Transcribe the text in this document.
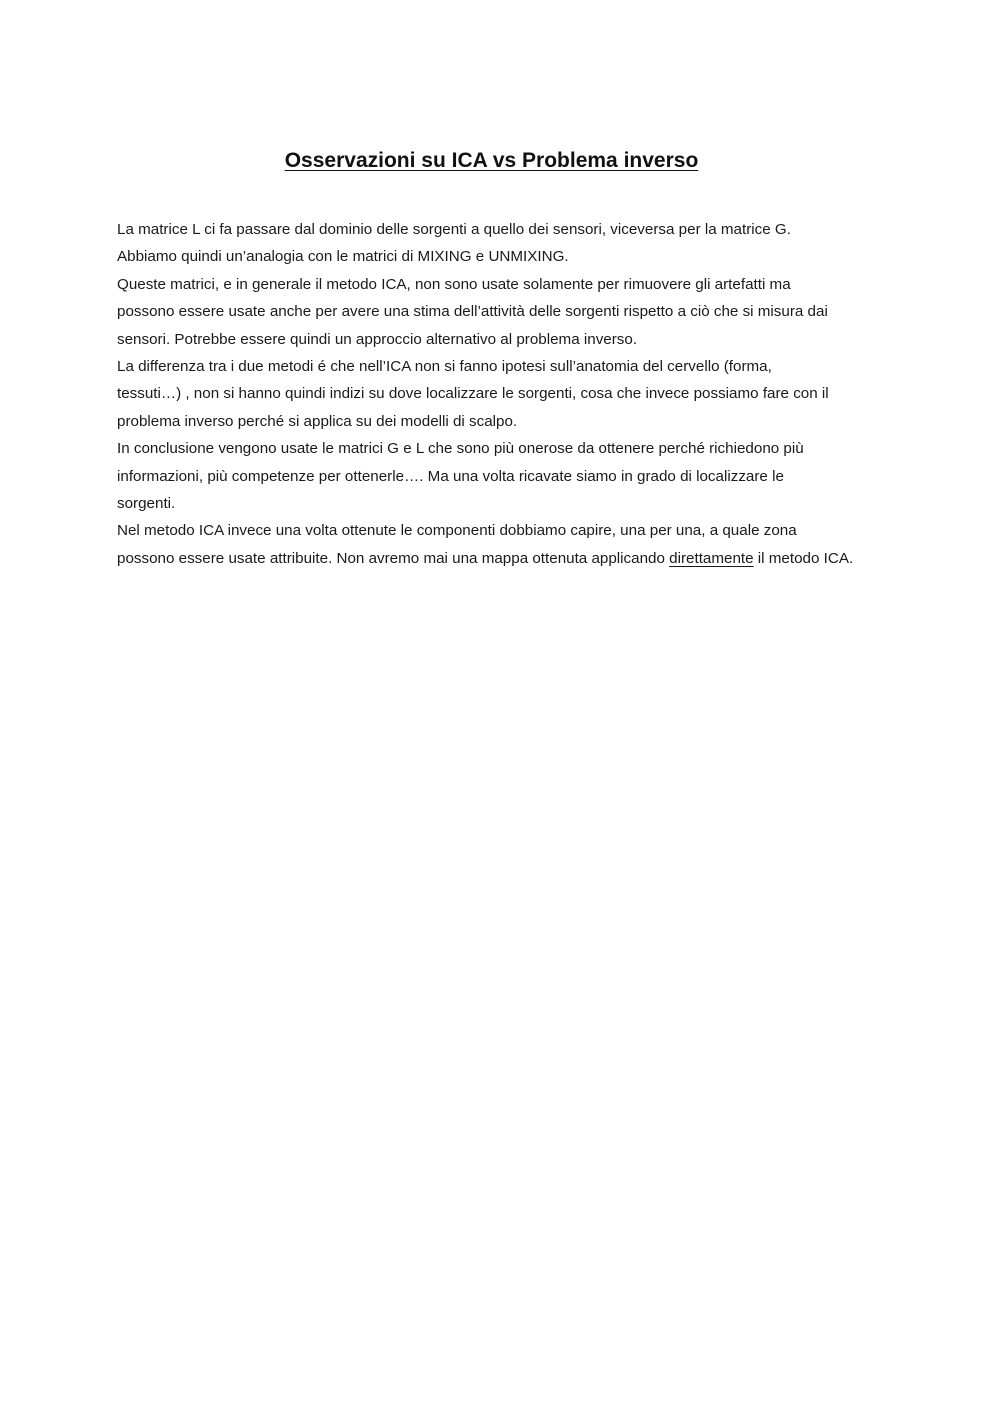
Osservazioni su ICA vs Problema inverso
La matrice L ci fa passare dal dominio delle sorgenti a quello dei sensori, viceversa per la matrice G.
Abbiamo quindi un’analogia con le matrici di MIXING e UNMIXING.
Queste matrici, e in generale il metodo ICA, non sono usate solamente per rimuovere gli artefatti ma
possono essere usate anche per avere una stima dell’attività delle sorgenti rispetto a ciò che si misura dai
sensori. Potrebbe essere quindi un approccio alternativo al problema inverso.
La differenza tra i due metodi é che nell’ICA non si fanno ipotesi sull’anatomia del cervello (forma,
tessuti…) , non si hanno quindi indizi su dove localizzare le sorgenti, cosa che invece possiamo fare con il
problema inverso perché si applica su dei modelli di scalpo.
In conclusione vengono usate le matrici G e L che sono più onerose da ottenere perché richiedono più
informazioni, più competenze per ottenerle…. Ma una volta ricavate siamo in grado di localizzare le
sorgenti.
Nel metodo ICA invece una volta ottenute le componenti dobbiamo capire, una per una, a quale zona
possono essere usate attribuite. Non avremo mai una mappa ottenuta applicando direttamente il metodo ICA.
